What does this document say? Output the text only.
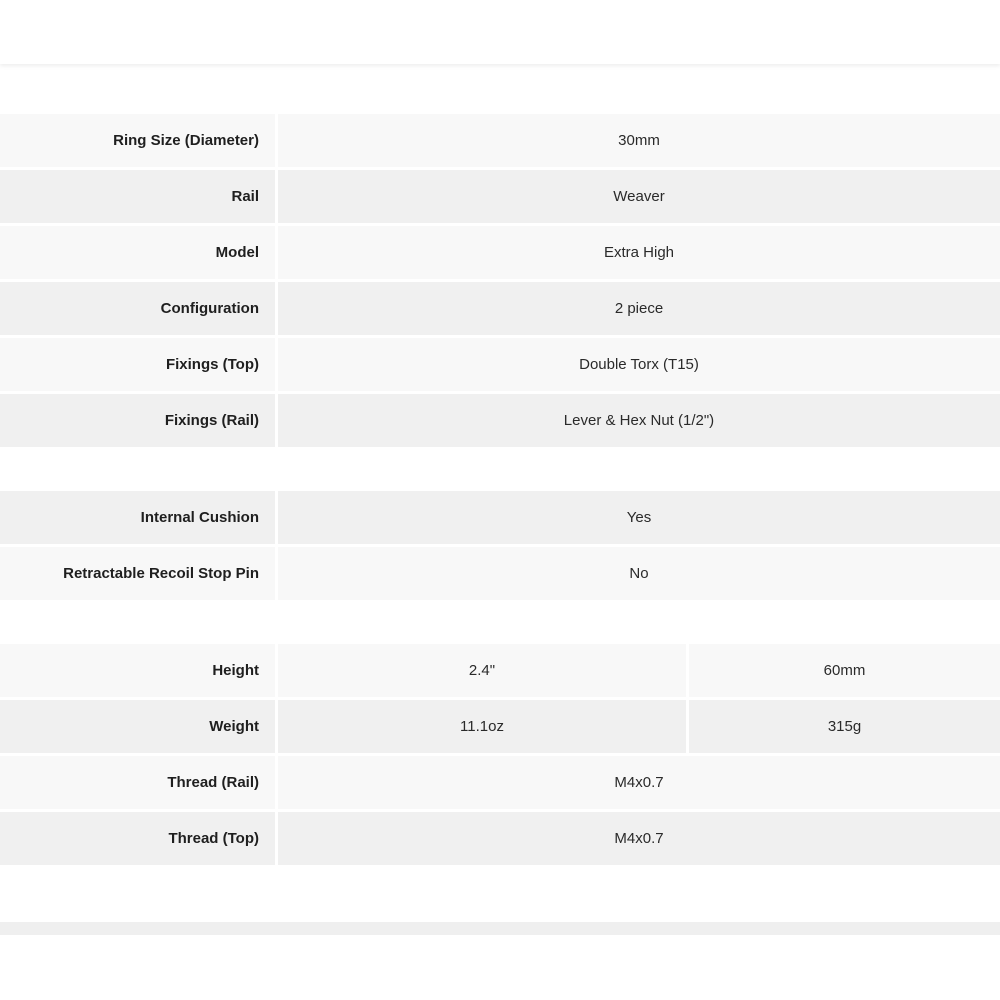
Ring Size (Diameter)	30mm
Rail	Weaver
Model	Extra High
Configuration	2 piece
Fixings (Top)	Double Torx (T15)
Fixings (Rail)	Lever & Hex Nut (1/2")
Internal Cushion	Yes
Retractable Recoil Stop Pin	No
Height	2.4"	60mm
Weight	11.1oz	315g
Thread (Rail)	M4x0.7
Thread (Top)	M4x0.7
